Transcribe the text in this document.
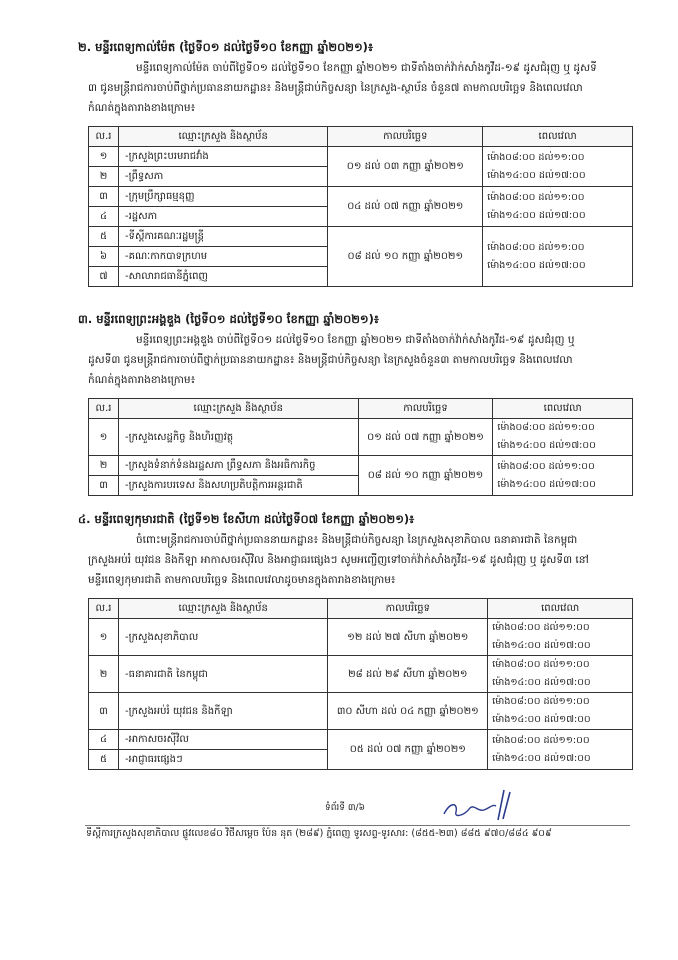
២. មន្ទីរពេទ្យកាល់ម៉ែត (ថ្ងៃទី០១ ដល់ថ្ងៃទី១០ ខែកញ្ញា ឆ្នាំ២០២១)៖

មន្ទីរពេទ្យកាល់ម៉ែត ចាប់ពីថ្ងៃទី០១ ដល់ថ្ងៃទី១០ ខែកញ្ញា ឆ្នាំ២០២១ ជាទីតាំងចាក់វ៉ាក់សាំងកូវីដ-១៩ ដូសជំរុញ ឬ ដូសទី

៣ ជូនមន្ត្រីរាជការចាប់ពីថ្នាក់ប្រធាននាយកដ្ឋាន៖ និងមន្ត្រីជាប់កិច្ចសន្យា នៃក្រសួង-ស្ថាប័ន ចំនួន៧ តាមកាលបរិច្ឆេទ និងពេលវេលា

កំណត់ក្នុងតារាងខាងក្រោម៖

ល.រ	ឈ្មោះក្រសួង និងស្ថាប័ន	កាលបរិច្ឆេទ	ពេលវេលា
១	-ក្រសួងព្រះបរមរាជវាំង	០១ ដល់ ០៣ កញ្ញា ឆ្នាំ២០២១	ម៉ោង០៨:០០ ដល់១១:០០
ម៉ោង១៤:០០ ដល់១៧:០០

២	-ព្រឹទ្ធសភា		
៣	-ក្រុមប្រឹក្សាធម្មនុញ្ញ	០៤ ដល់ ០៧ កញ្ញា ឆ្នាំ២០២១	ម៉ោង០៨:០០ ដល់១១:០០
ម៉ោង១៤:០០ ដល់១៧:០០

៤	-រដ្ឋសភា		
៥	-ទីស្តីការគណៈរដ្ឋមន្ត្រី	០៨ ដល់ ១០ កញ្ញា ឆ្នាំ២០២១	ម៉ោង០៨:០០ ដល់១១:០០
ម៉ោង១៤:០០ ដល់១៧:០០

៦	-គណៈកាកបាទក្រហម		
៧	-សាលារាជធានីភ្នំពេញ		
៣. មន្ទីរពេទ្យព្រះអង្គឌួង (ថ្ងៃទី០១ ដល់ថ្ងៃទី១០ ខែកញ្ញា ឆ្នាំ២០២១)៖

មន្ទីរពេទ្យព្រះអង្គឌួង ចាប់ពីថ្ងៃទី០១ ដល់ថ្ងៃទី១០ ខែកញ្ញា ឆ្នាំ២០២១ ជាទីតាំងចាក់វ៉ាក់សាំងកូវីដ-១៩ ដូសជំរុញ ឬ

ដូសទី៣ ជូនមន្ត្រីរាជការចាប់ពីថ្នាក់ប្រធាននាយកដ្ឋាន៖ និងមន្ត្រីជាប់កិច្ចសន្យា នៃក្រសួងចំនួន៣ តាមកាលបរិច្ឆេទ និងពេលវេលា

កំណត់ក្នុងតារាងខាងក្រោម៖

ល.រ	ឈ្មោះក្រសួង និងស្ថាប័ន	កាលបរិច្ឆេទ	ពេលវេលា
១	-ក្រសួងសេដ្ឋកិច្ច និងហិរញ្ញវត្ថុ	០១ ដល់ ០៧ កញ្ញា ឆ្នាំ២០២១	ម៉ោង០៨:០០ ដល់១១:០០
ម៉ោង១៤:០០ ដល់១៧:០០

២	-ក្រសួងទំនាក់ទំនងរដ្ឋសភា ព្រឹទ្ធសភា និងអធិការកិច្ច	០៨ ដល់ ១០ កញ្ញា ឆ្នាំ២០២១	ម៉ោង០៨:០០ ដល់១១:០០
ម៉ោង១៤:០០ ដល់១៧:០០

៣	-ក្រសួងការបរទេស និងសហប្រតិបត្តិការអន្តរជាតិ		
៤. មន្ទីរពេទ្យកុមារជាតិ (ថ្ងៃទី១២ ខែសីហា ដល់ថ្ងៃទី០៧ ខែកញ្ញា ឆ្នាំ២០២១)៖

ចំពោះមន្ត្រីរាជការចាប់ពីថ្នាក់ប្រធាននាយកដ្ឋាន៖ និងមន្ត្រីជាប់កិច្ចសន្យា នៃក្រសួងសុខាភិបាល ធនាគារជាតិ នៃកម្ពុជា

ក្រសួងអប់រំ យុវជន និងកីឡា អាកាសចរស៊ីវិល និងអាជ្ញាធរផ្សេងៗ សូមអញ្ជើញទៅចាក់វ៉ាក់សាំងកូវីដ-១៩ ដូសជំរុញ ឬ ដូសទី៣ នៅ

មន្ទីរពេទ្យកុមារជាតិ តាមកាលបរិច្ឆេទ និងពេលវេលាដូចមានក្នុងតារាងខាងក្រោម៖

ល.រ	ឈ្មោះក្រសួង និងស្ថាប័ន	កាលបរិច្ឆេទ	ពេលវេលា
១	-ក្រសួងសុខាភិបាល	១២ ដល់ ២៧ សីហា ឆ្នាំ២០២១	ម៉ោង០៨:០០ ដល់១១:០០
ម៉ោង១៤:០០ ដល់១៧:០០

២	-ធនាគារជាតិ នៃកម្ពុជា	២៨ ដល់ ២៩ សីហា ឆ្នាំ២០២១	ម៉ោង០៨:០០ ដល់១១:០០
ម៉ោង១៤:០០ ដល់១៧:០០

៣	-ក្រសួងអប់រំ យុវជន និងកីឡា	៣០ សីហា ដល់ ០៤ កញ្ញា ឆ្នាំ២០២១	ម៉ោង០៨:០០ ដល់១១:០០
ម៉ោង១៤:០០ ដល់១៧:០០

៤	-អាកាសចរស៊ីវិល	០៥ ដល់ ០៧ កញ្ញា ឆ្នាំ២០២១	ម៉ោង០៨:០០ ដល់១១:០០
ម៉ោង១៤:០០ ដល់១៧:០០

៥	-អាជ្ញាធរផ្សេងៗ		
ទំព័រទី ៣/៦
ទីស្តីការក្រសួងសុខាភិបាល ផ្លូវលេខ៨០ វិថីសម្តេច ប៉ែន នុត (២៨៩) ភ្នំពេញ ទូរសព្ទ-ទូរសារ: (៨៥៥-២៣) ៨៨៥ ៩៧០/៨៨៤ ៩០៩
